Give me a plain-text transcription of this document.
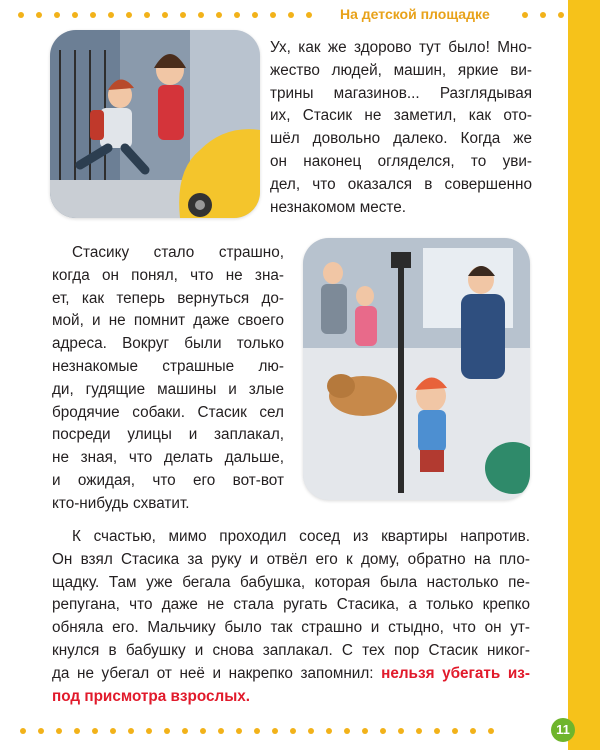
На детской площадке

Ух, как же здорово тут было! Мно-
жество людей, машин, яркие ви-
трины магазинов... Разглядывая
их, Стасик не заметил, как ото-
шёл довольно далеко. Когда же
он наконец огляделся, то уви-
дел, что оказался в совершенно
незнакомом месте.

Стасику стало страшно,
когда он понял, что не зна-
ет, как теперь вернуться до-
мой, и не помнит даже своего
адреса. Вокруг были только
незнакомые страшные лю-
ди, гудящие машины и злые
бродячие собаки. Стасик сел
посреди улицы и заплакал,
не зная, что делать дальше,
и ожидая, что его вот-вот
кто-нибудь схватит.

К счастью, мимо проходил сосед из квартиры напротив.
Он взял Стасика за руку и отвёл его к дому, обратно на пло-
щадку. Там уже бегала бабушка, которая была настолько пе-
репугана, что даже не стала ругать Стасика, а только крепко
обняла его. Мальчику было так страшно и стыдно, что он ут-
кнулся в бабушку и снова заплакал. С тех пор Стасик никог-
да не убегал от неё и накрепко запомнил: нельзя убегать из-
под присмотра взрослых.

11
